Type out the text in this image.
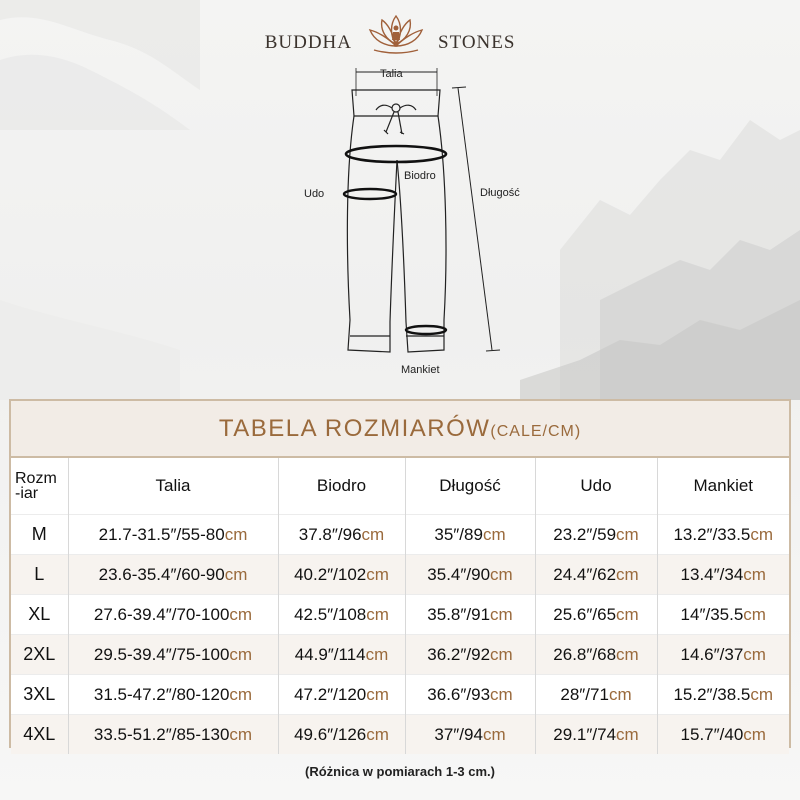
BUDDHA	STONES
Talia
Biodro
Udo	Długość
Mankiet
TABELA ROZMIARÓW(CALE/CM)					
Rozm
-iar	Talia	Biodro	Długość	Udo	Mankiet
M	21.7-31.5″/55-80cm	37.8″/96cm	35″/89cm	23.2″/59cm	13.2″/33.5cm
L	23.6-35.4″/60-90cm	40.2″/102cm	35.4″/90cm	24.4″/62cm	13.4″/34cm
XL	27.6-39.4″/70-100cm	42.5″/108cm	35.8″/91cm	25.6″/65cm	14″/35.5cm
2XL	29.5-39.4″/75-100cm	44.9″/114cm	36.2″/92cm	26.8″/68cm	14.6″/37cm
3XL	31.5-47.2″/80-120cm	47.2″/120cm	36.6″/93cm	28″/71cm	15.2″/38.5cm
4XL	33.5-51.2″/85-130cm	49.6″/126cm	37″/94cm	29.1″/74cm	15.7″/40cm
(Różnica w pomiarach 1-3 cm.)
